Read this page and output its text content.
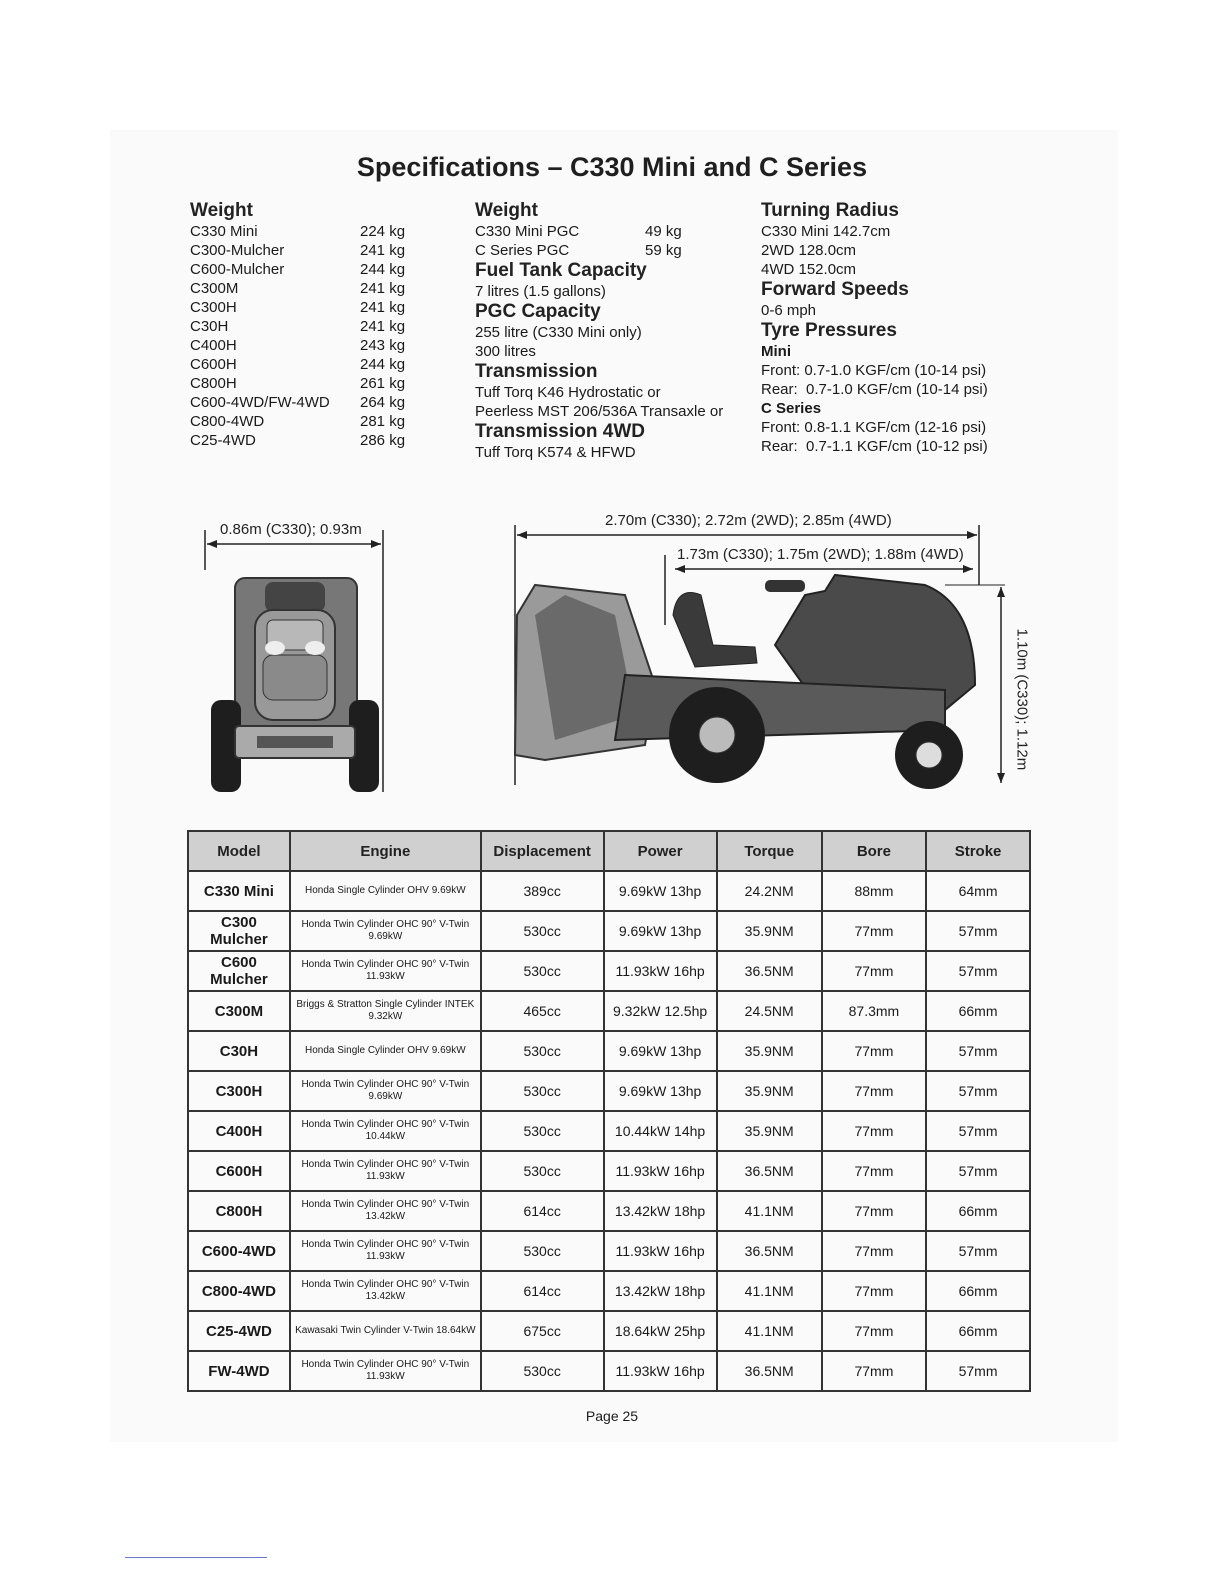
Specifications – C330 Mini and C Series
Weight
C330 Mini	224 kg
C300-Mulcher	241 kg
C600-Mulcher	244 kg
C300M	241 kg
C300H	241 kg
C30H	241 kg
C400H	243 kg
C600H	244 kg
C800H	261 kg
C600-4WD/FW-4WD	264 kg
C800-4WD	281 kg
C25-4WD	286 kg
Weight
C330 Mini PGC	49 kg
C Series PGC	59 kg
Fuel Tank Capacity
7 litres (1.5 gallons)
PGC Capacity
255 litre (C330 Mini only)
300 litres
Transmission
Tuff Torq K46 Hydrostatic or
Peerless MST 206/536A Transaxle or
Transmission 4WD
Tuff Torq K574 & HFWD
Turning Radius
C330 Mini 142.7cm
2WD 128.0cm
4WD 152.0cm
Forward Speeds
0-6 mph
Tyre Pressures
Mini
Front: 0.7-1.0 KGF/cm (10-14 psi)
Rear:  0.7-1.0 KGF/cm (10-14 psi)
C Series
Front: 0.8-1.1 KGF/cm (12-16 psi)
Rear:  0.7-1.1 KGF/cm (10-12 psi)
0.86m (C330); 0.93m
2.70m (C330); 2.72m (2WD); 2.85m (4WD)
1.73m (C330); 1.75m (2WD); 1.88m (4WD)
1.10m (C330); 1.12m
Model	Engine	Displacement	Power	Torque	Bore	Stroke
C330 Mini	Honda Single Cylinder OHV 9.69kW	389cc	9.69kW 13hp	24.2NM	88mm	64mm
C300 Mulcher	Honda Twin Cylinder OHC 90° V-Twin 9.69kW	530cc	9.69kW 13hp	35.9NM	77mm	57mm
C600 Mulcher	Honda Twin Cylinder OHC 90° V-Twin 11.93kW	530cc	11.93kW 16hp	36.5NM	77mm	57mm
C300M	Briggs & Stratton Single Cylinder INTEK 9.32kW	465cc	9.32kW 12.5hp	24.5NM	87.3mm	66mm
C30H	Honda Single Cylinder OHV 9.69kW	530cc	9.69kW 13hp	35.9NM	77mm	57mm
C300H	Honda Twin Cylinder OHC 90° V-Twin 9.69kW	530cc	9.69kW 13hp	35.9NM	77mm	57mm
C400H	Honda Twin Cylinder OHC 90° V-Twin 10.44kW	530cc	10.44kW 14hp	35.9NM	77mm	57mm
C600H	Honda Twin Cylinder OHC 90° V-Twin 11.93kW	530cc	11.93kW 16hp	36.5NM	77mm	57mm
C800H	Honda Twin Cylinder OHC 90° V-Twin 13.42kW	614cc	13.42kW 18hp	41.1NM	77mm	66mm
C600-4WD	Honda Twin Cylinder OHC 90° V-Twin 11.93kW	530cc	11.93kW 16hp	36.5NM	77mm	57mm
C800-4WD	Honda Twin Cylinder OHC 90° V-Twin 13.42kW	614cc	13.42kW 18hp	41.1NM	77mm	66mm
C25-4WD	Kawasaki Twin Cylinder V-Twin 18.64kW	675cc	18.64kW 25hp	41.1NM	77mm	66mm
FW-4WD	Honda Twin Cylinder OHC 90° V-Twin 11.93kW	530cc	11.93kW 16hp	36.5NM	77mm	57mm
Page 25
